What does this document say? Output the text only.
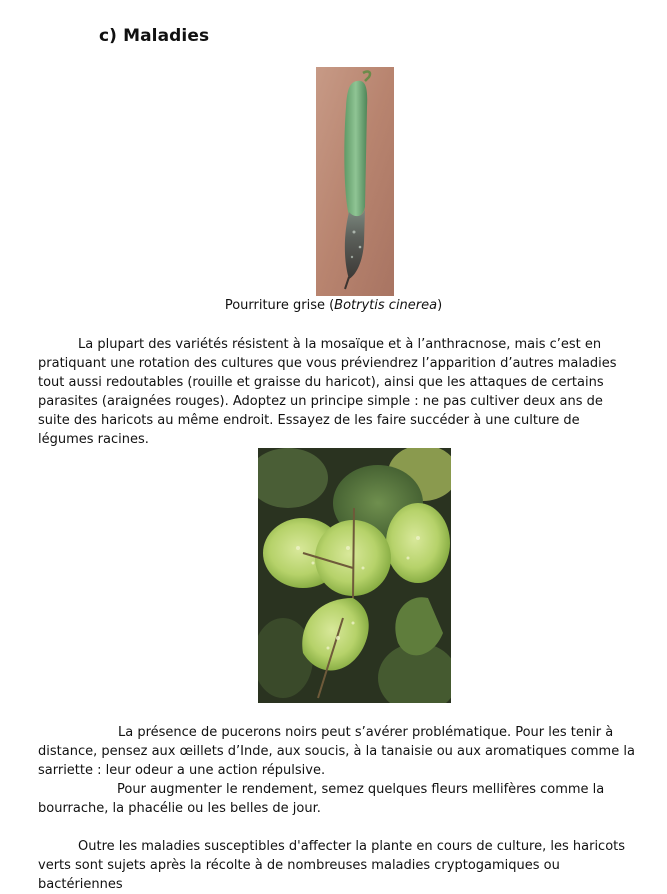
c) Maladies
Pourriture grise (Botrytis cinerea)
La plupart des variétés résistent à la mosaïque et à l’anthracnose, mais c’est en pratiquant une rotation des cultures que vous préviendrez l’apparition d’autres maladies tout aussi redoutables (rouille et graisse du haricot), ainsi que les attaques de certains parasites (araignées rouges). Adoptez un principe simple : ne pas cultiver deux ans de suite des haricots au même endroit. Essayez de les faire succéder à une culture de légumes racines.
La présence de pucerons noirs peut s’avérer problématique. Pour les tenir à distance, pensez aux œillets d’Inde, aux soucis, à la tanaisie ou aux aromatiques comme la sarriette : leur odeur a une action répulsive.
Pour augmenter le rendement, semez quelques fleurs mellifères comme la bourrache, la phacélie ou les belles de jour.
Outre les maladies susceptibles d'affecter la plante en cours de culture, les haricots verts sont sujets après la récolte à de nombreuses maladies cryptogamiques ou bactériennes
